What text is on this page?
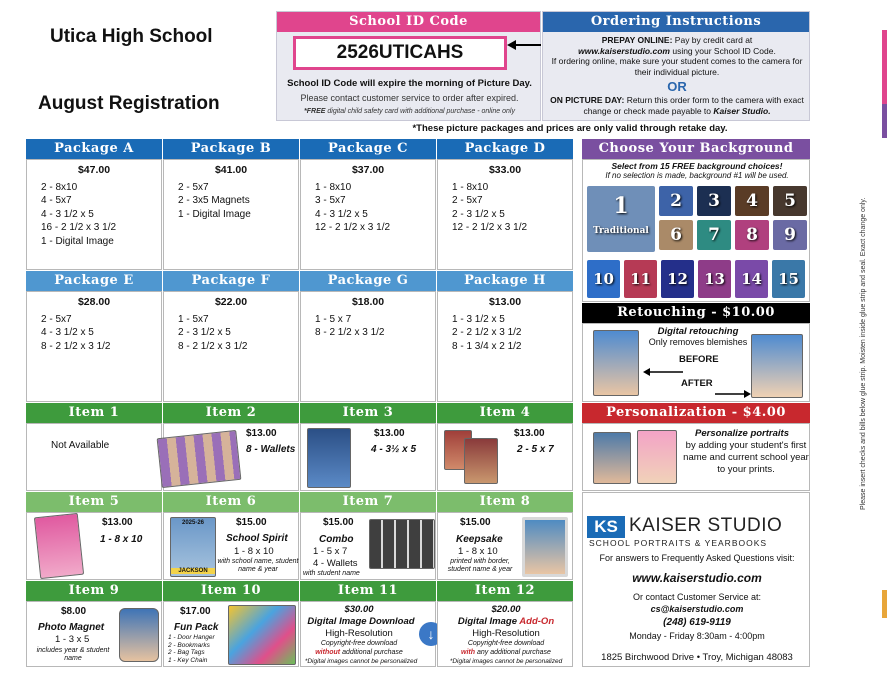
Utica High School
August Registration
School ID Code
2526UTICAHS
School ID Code will expire the morning of Picture Day.
Please contact customer service to order after expired.
*FREE digital child safety card with additional purchase - online only
Ordering Instructions
PREPAY ONLINE: Pay by credit card at
www.kaiserstudio.com using your School ID Code.
If ordering online, make sure your student comes to the camera for their individual picture.
OR
ON PICTURE DAY: Return this order form to the camera with exact change or check made payable to Kaiser Studio.
*These picture packages and prices are only valid through retake day.
Package A
$47.00
2 - 8x10
4 - 5x7
4 - 3 1/2 x 5
16 - 2 1/2 x 3 1/2
1 - Digital Image
Package B
$41.00
2 - 5x7
2 - 3x5 Magnets
1 - Digital Image
Package C
$37.00
1 - 8x10
3 - 5x7
4 - 3 1/2 x 5
12 - 2 1/2 x 3 1/2
Package D
$33.00
1 - 8x10
2 - 5x7
2 - 3 1/2 x 5
12 - 2 1/2 x 3 1/2
Package E
$28.00
2 - 5x7
4 - 3 1/2 x 5
8 - 2 1/2 x 3 1/2
Package F
$22.00
1 - 5x7
2 - 3 1/2 x 5
8 - 2 1/2 x 3 1/2
Package G
$18.00
1 - 5 x 7
8 - 2 1/2 x 3 1/2
Package H
$13.00
1 - 3 1/2 x 5
2 - 2 1/2 x 3 1/2
8 - 1 3/4 x 2 1/2
Item 1	Item 2	Item 3	Item 4
Not Available
$13.00
8 - Wallets
$13.00
4 - 3½ x 5
$13.00
2 - 5 x 7
Item 5	Item 6	Item 7	Item 8
$13.00
1 - 8 x 10
2025-26
JACKSON
$15.00
School Spirit
1 - 8 x 10
with school name, student name & year
$15.00
Combo
1 - 5 x 7
4 - Wallets
with student name
$15.00
Keepsake
1 - 8 x 10
printed with border, student name & year
Item 9	Item 10	Item 11	Item 12
$8.00
Photo Magnet
1 - 3 x 5
includes year & student name
$17.00
Fun Pack
1 - Door Hanger
2 - Bookmarks
2 - Bag Tags
1 - Key Chain
$30.00
Digital Image Download
High-Resolution
Copyright-free download
without additional purchase
*Digital images cannot be personalized
↓
$20.00
Digital Image Add-On
High-Resolution
Copyright-free download
with any additional purchase
*Digital images cannot be personalized
Choose Your Background
Select from 15 FREE background choices!
If no selection is made, background #1 will be used.
1
Traditional
2	3	4	5
6	7	8	9
10	11	12	13	14	15
Retouching - $10.00
Digital retouching
Only removes blemishes
BEFORE
AFTER
Personalization - $4.00
Personalize portraits
by adding your student's first name and current school year to your prints.
KS KAISER STUDIO
SCHOOL PORTRAITS & YEARBOOKS
For answers to Frequently Asked Questions visit:
www.kaiserstudio.com
Or contact Customer Service at:
cs@kaiserstudio.com
(248) 619-9119
Monday - Friday 8:30am - 4:00pm
1825 Birchwood Drive • Troy, Michigan 48083
Please insert checks and bills below glue strip. Moisten inside glue strip and seal. Exact change only.
